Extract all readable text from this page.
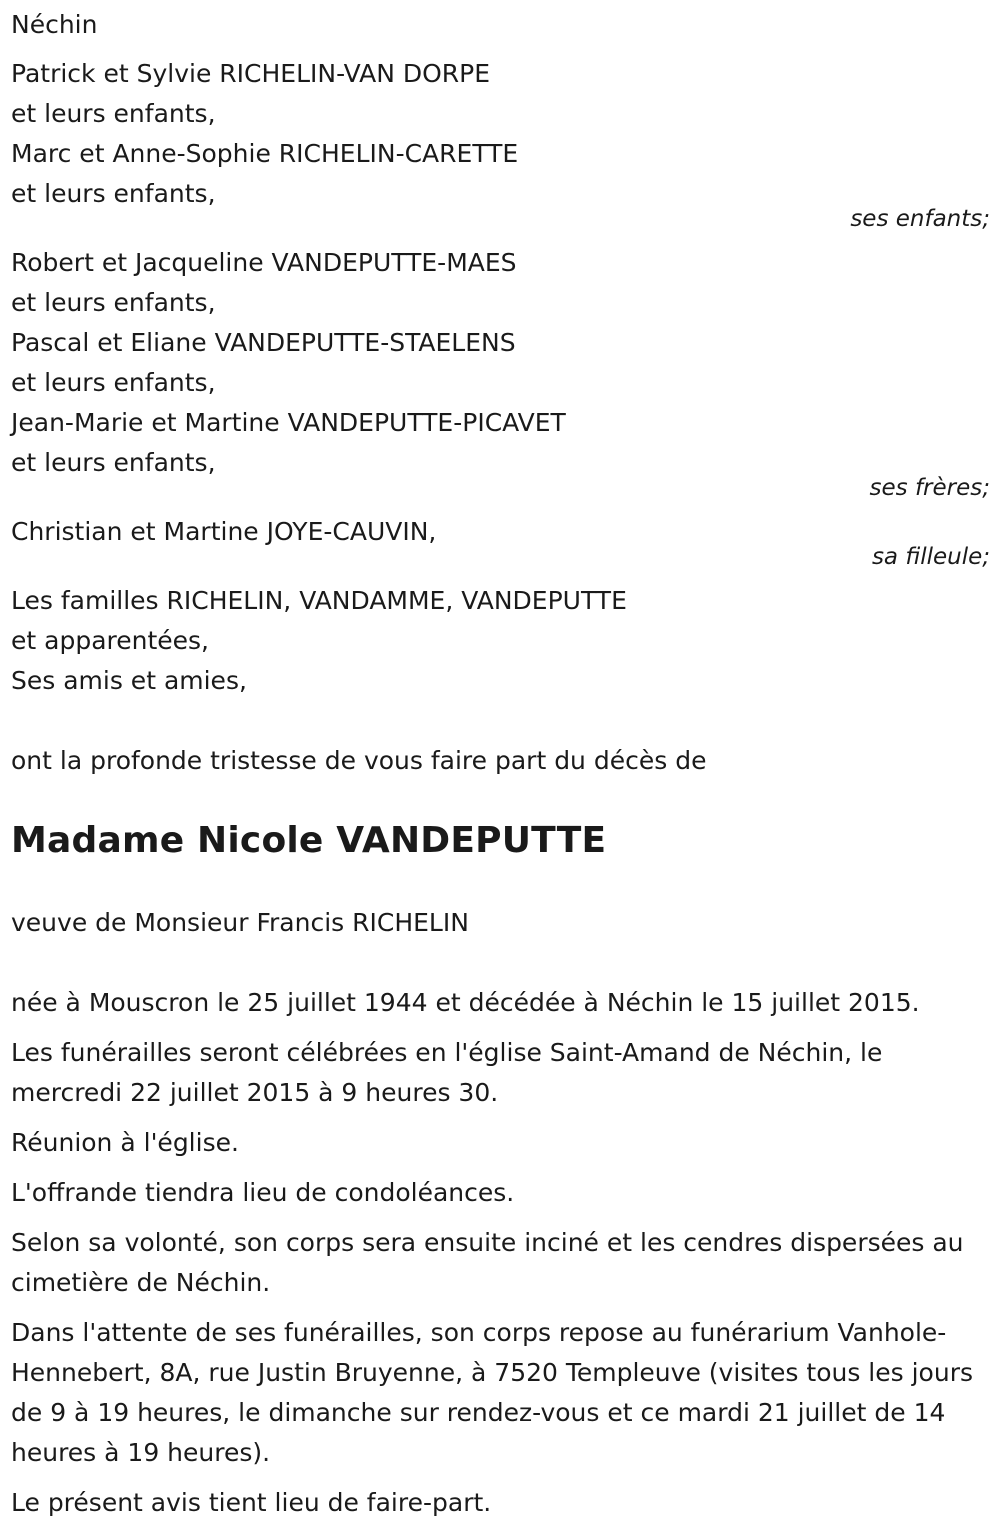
Néchin

Patrick et Sylvie RICHELIN-VAN DORPE

et leurs enfants,

Marc et Anne-Sophie RICHELIN-CARETTE

et leurs enfants,

ses enfants;

Robert et Jacqueline VANDEPUTTE-MAES

et leurs enfants,

Pascal et Eliane VANDEPUTTE-STAELENS

et leurs enfants,

Jean-Marie et Martine VANDEPUTTE-PICAVET

et leurs enfants,

ses frères;

Christian et Martine JOYE-CAUVIN,

sa filleule;

Les familles RICHELIN, VANDAMME, VANDEPUTTE

et apparentées,

Ses amis et amies,

ont la profonde tristesse de vous faire part du décès de

Madame Nicole VANDEPUTTE

veuve de Monsieur Francis RICHELIN

née à Mouscron le 25 juillet 1944 et décédée à Néchin le 15 juillet 2015.

Les funérailles seront célébrées en l'église Saint-Amand de Néchin, le mercredi 22 juillet 2015 à 9 heures 30.

Réunion à l'église.

L'offrande tiendra lieu de condoléances.

Selon sa volonté, son corps sera ensuite inciné et les cendres dispersées au cimetière de Néchin.

Dans l'attente de ses funérailles, son corps repose au funérarium Vanhole-Hennebert, 8A, rue Justin Bruyenne, à 7520 Templeuve (visites tous les jours de 9 à 19 heures, le dimanche sur rendez-vous et ce mardi 21 juillet de 14 heures à 19 heures).

Le présent avis tient lieu de faire-part.
